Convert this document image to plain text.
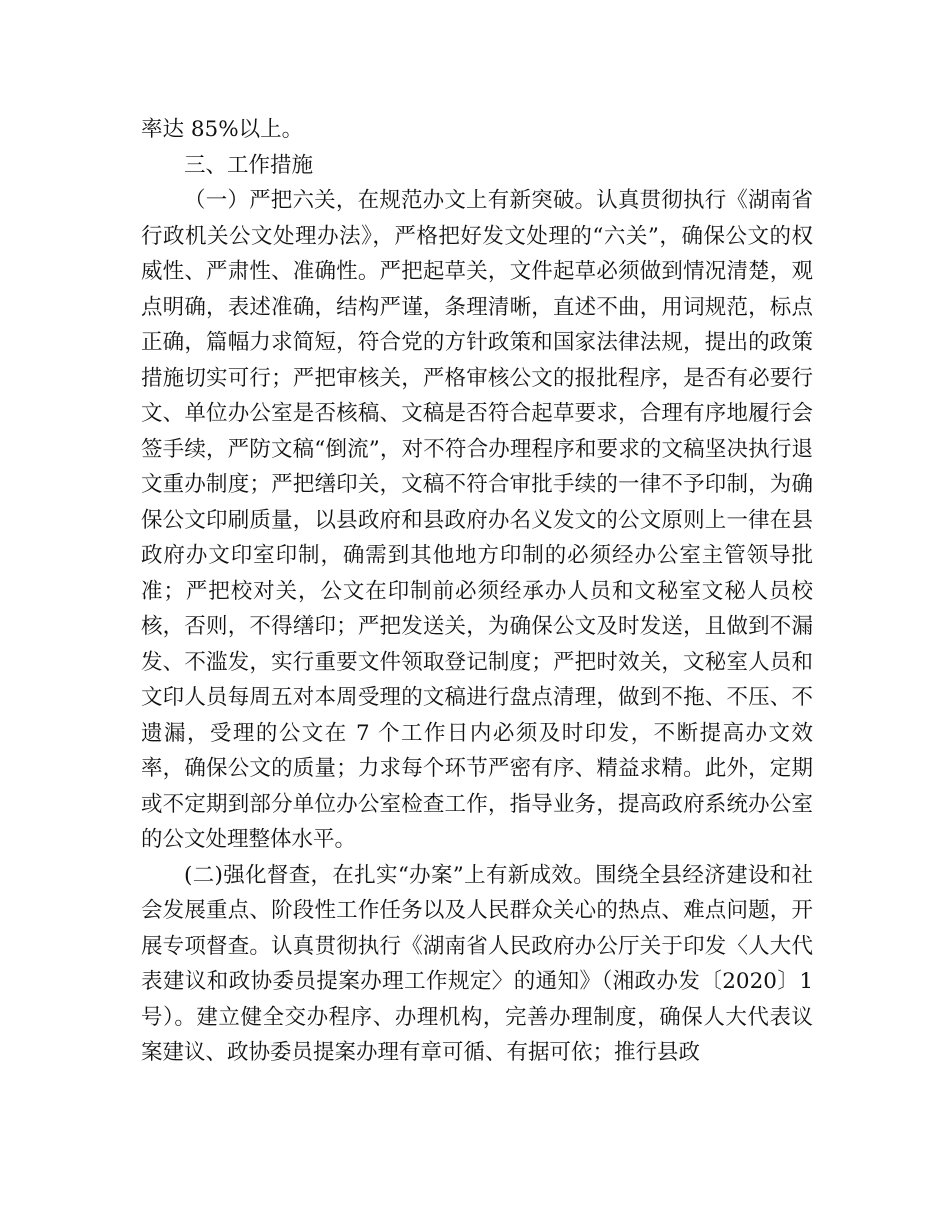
率达 85%以上。

三、工作措施

（一）严把六关，在规范办文上有新突破。认真贯彻执行《湖南省行政机关公文处理办法》，严格把好发文处理的“六关”，确保公文的权威性、严肃性、准确性。严把起草关，文件起草必须做到情况清楚，观点明确，表述准确，结构严谨，条理清晰，直述不曲，用词规范，标点正确，篇幅力求简短，符合党的方针政策和国家法律法规，提出的政策措施切实可行；严把审核关，严格审核公文的报批程序，是否有必要行文、单位办公室是否核稿、文稿是否符合起草要求，合理有序地履行会签手续，严防文稿“倒流”，对不符合办理程序和要求的文稿坚决执行退文重办制度；严把缮印关，文稿不符合审批手续的一律不予印制，为确保公文印刷质量，以县政府和县政府办名义发文的公文原则上一律在县政府办文印室印制，确需到其他地方印制的必须经办公室主管领导批准；严把校对关，公文在印制前必须经承办人员和文秘室文秘人员校核，否则，不得缮印；严把发送关，为确保公文及时发送，且做到不漏发、不滥发，实行重要文件领取登记制度；严把时效关，文秘室人员和文印人员每周五对本周受理的文稿进行盘点清理，做到不拖、不压、不遗漏，受理的公文在 7 个工作日内必须及时印发，不断提高办文效率，确保公文的质量；力求每个环节严密有序、精益求精。此外，定期或不定期到部分单位办公室检查工作，指导业务，提高政府系统办公室的公文处理整体水平。

(二)强化督查，在扎实“办案”上有新成效。围绕全县经济建设和社会发展重点、阶段性工作任务以及人民群众关心的热点、难点问题，开展专项督查。认真贯彻执行《湖南省人民政府办公厅关于印发〈人大代表建议和政协委员提案办理工作规定〉的通知》（湘政办发〔2020〕1 号）。建立健全交办程序、办理机构，完善办理制度，确保人大代表议案建议、政协委员提案办理有章可循、有据可依；推行县政
